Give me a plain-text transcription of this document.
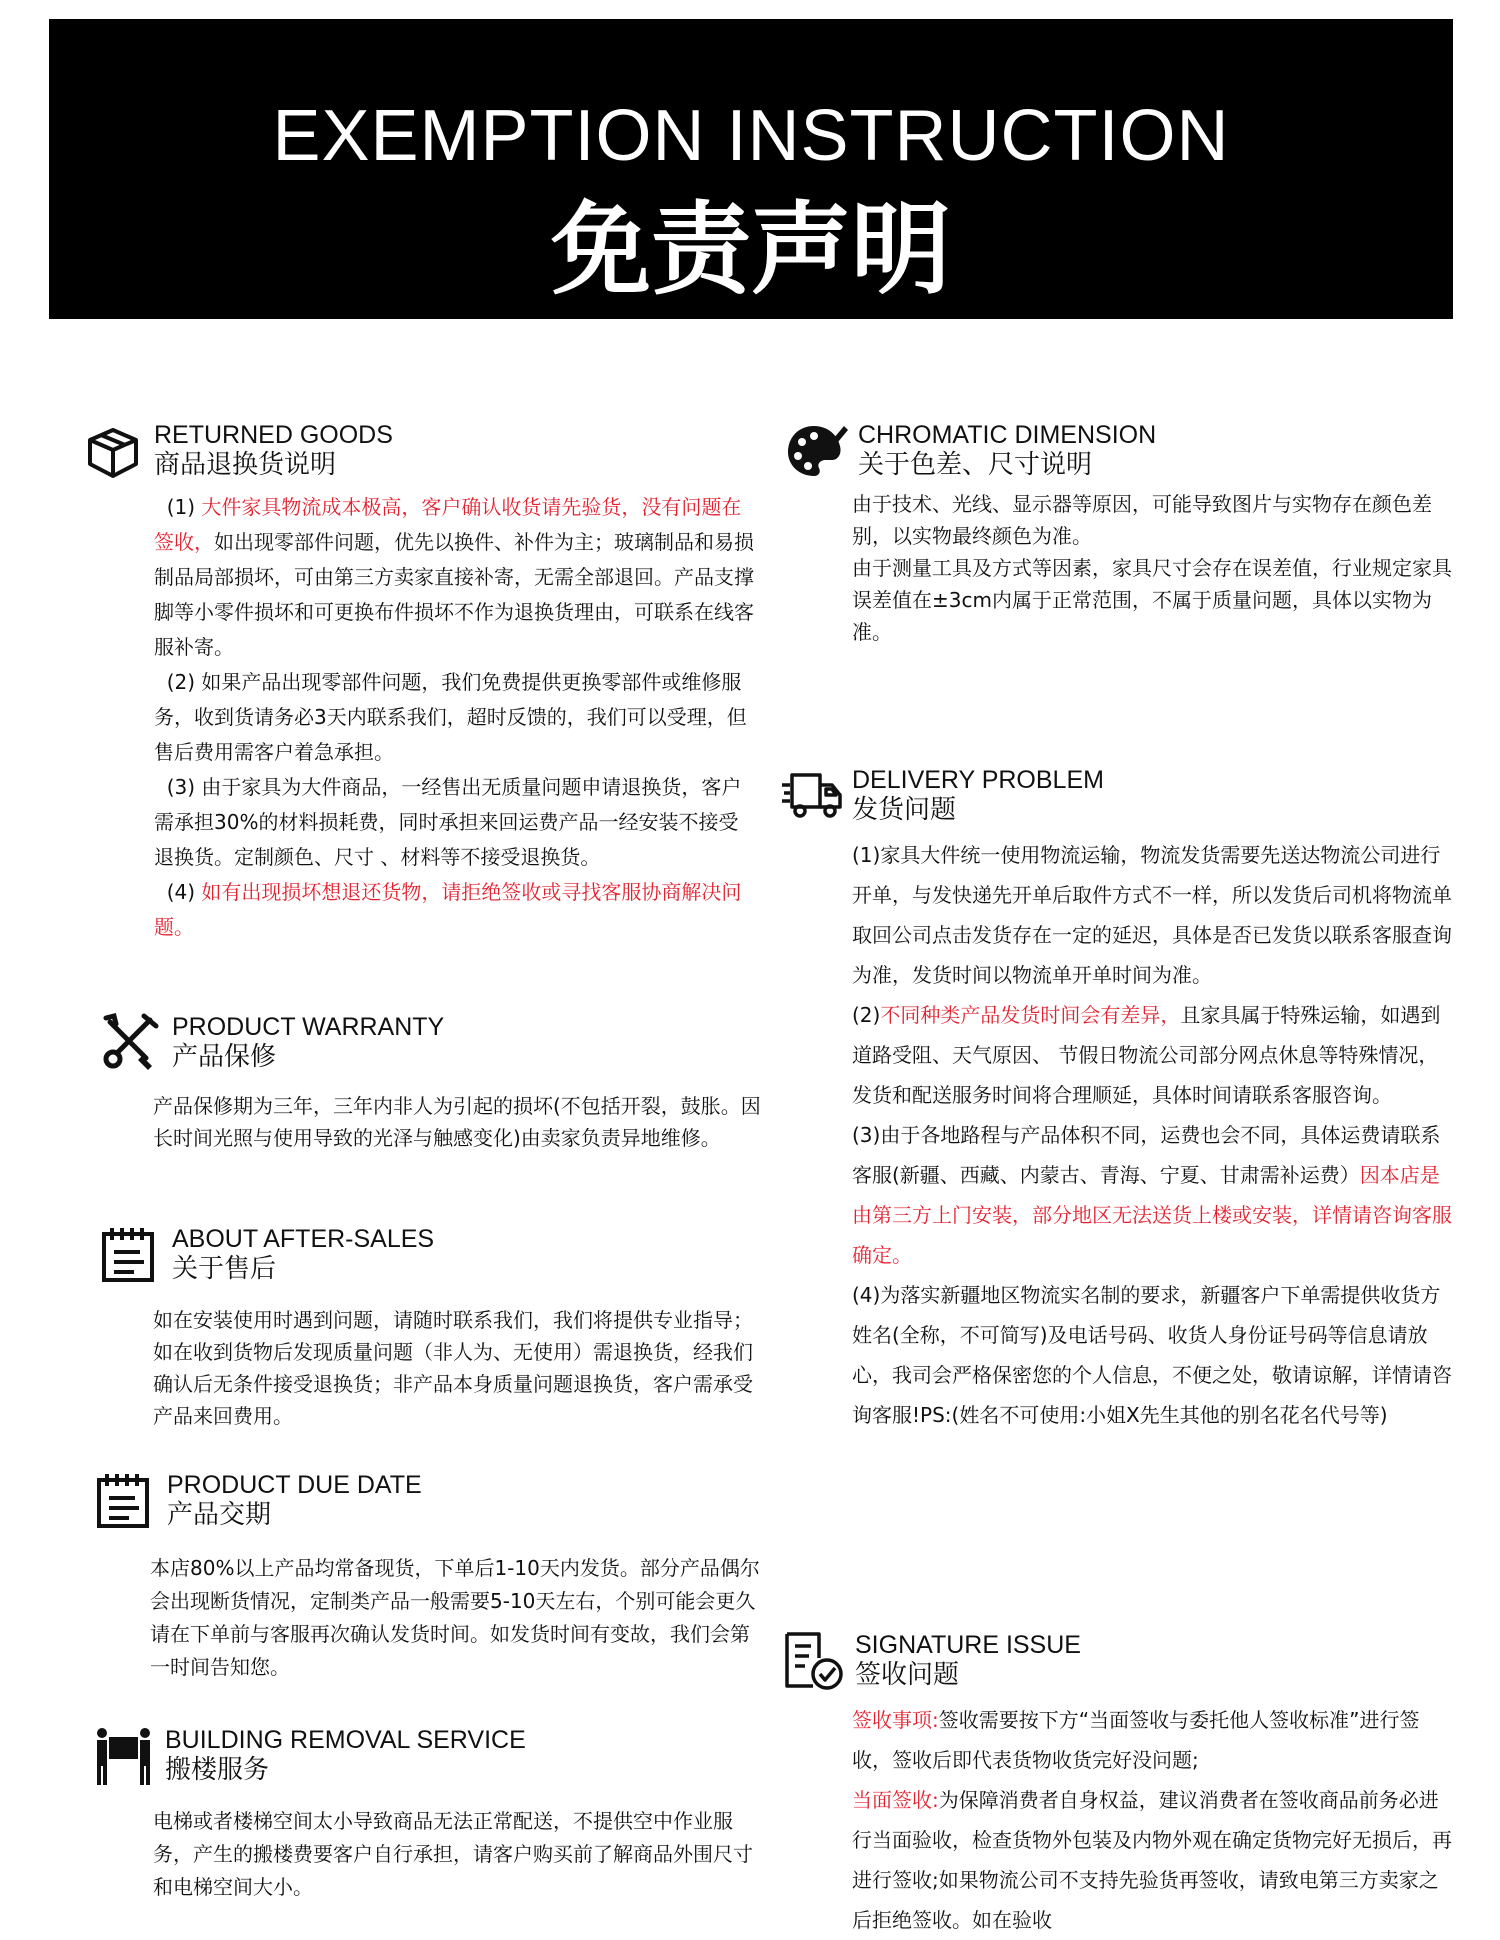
EXEMPTION INSTRUCTION
免责声明
RETURNED GOODS
商品退换货说明

(1) 大件家具物流成本极高，客户确认收货请先验货，没有问题在签收，如出现零部件问题，优先以换件、补件为主；玻璃制品和易损制品局部损坏，可由第三方卖家直接补寄，无需全部退回。产品支撑脚等小零件损坏和可更换布件损坏不作为退换货理由，可联系在线客服补寄。

(2) 如果产品出现零部件问题，我们免费提供更换零部件或维修服务，收到货请务必3天内联系我们，超时反馈的，我们可以受理，但售后费用需客户着急承担。

(3) 由于家具为大件商品，一经售出无质量问题申请退换货，客户需承担30%的材料损耗费，同时承担来回运费产品一经安装不接受退换货。定制颜色、尺寸 、材料等不接受退换货。

(4) 如有出现损坏想退还货物，请拒绝签收或寻找客服协商解决问题。

PRODUCT WARRANTY
产品保修
产品保修期为三年，三年内非人为引起的损坏(不包括开裂，鼓胀。因长时间光照与使用导致的光泽与触感变化)由卖家负责异地维修。
ABOUT AFTER-SALES
关于售后
如在安装使用时遇到问题，请随时联系我们，我们将提供专业指导；如在收到货物后发现质量问题（非人为、无使用）需退换货，经我们确认后无条件接受退换货；非产品本身质量问题退换货，客户需承受产品来回费用。
PRODUCT DUE DATE
产品交期
本店80%以上产品均常备现货，下单后1-10天内发货。部分产品偶尔会出现断货情况，定制类产品一般需要5-10天左右，个别可能会更久请在下单前与客服再次确认发货时间。如发货时间有变故，我们会第一时间告知您。
BUILDING REMOVAL SERVICE
搬楼服务
电梯或者楼梯空间太小导致商品无法正常配送，不提供空中作业服务，产生的搬楼费要客户自行承担，请客户购买前了解商品外围尺寸和电梯空间大小。
CHROMATIC DIMENSION
关于色差、尺寸说明

由于技术、光线、显示器等原因，可能导致图片与实物存在颜色差别，以实物最终颜色为准。

由于测量工具及方式等因素，家具尺寸会存在误差值，行业规定家具误差值在±3cm内属于正常范围，不属于质量问题，具体以实物为准。

DELIVERY PROBLEM
发货问题

(1)家具大件统一使用物流运输，物流发货需要先送达物流公司进行开单，与发快递先开单后取件方式不一样，所以发货后司机将物流单取回公司点击发货存在一定的延迟，具体是否已发货以联系客服查询为准，发货时间以物流单开单时间为准。

(2)不同种类产品发货时间会有差异，且家具属于特殊运输，如遇到道路受阻、天气原因、 节假日物流公司部分网点休息等特殊情况，发货和配送服务时间将合理顺延，具体时间请联系客服咨询。

(3)由于各地路程与产品体积不同，运费也会不同，具体运费请联系客服(新疆、西藏、内蒙古、青海、宁夏、甘肃需补运费）因本店是由第三方上门安装，部分地区无法送货上楼或安装，详情请咨询客服确定。

(4)为落实新疆地区物流实名制的要求，新疆客户下单需提供收货方姓名(全称，不可简写)及电话号码、收货人身份证号码等信息请放心，我司会严格保密您的个人信息，不便之处，敬请谅解，详情请咨询客服!PS:(姓名不可使用:小姐X先生其他的别名花名代号等)

SIGNATURE ISSUE
签收问题

签收事项:签收需要按下方“当面签收与委托他人签收标准”进行签收，签收后即代表货物收货完好没问题;

当面签收:为保障消费者自身权益，建议消费者在签收商品前务必进行当面验收，检查货物外包装及内物外观在确定货物完好无损后，再进行签收;如果物流公司不支持先验货再签收，请致电第三方卖家之后拒绝签收。如在验收
